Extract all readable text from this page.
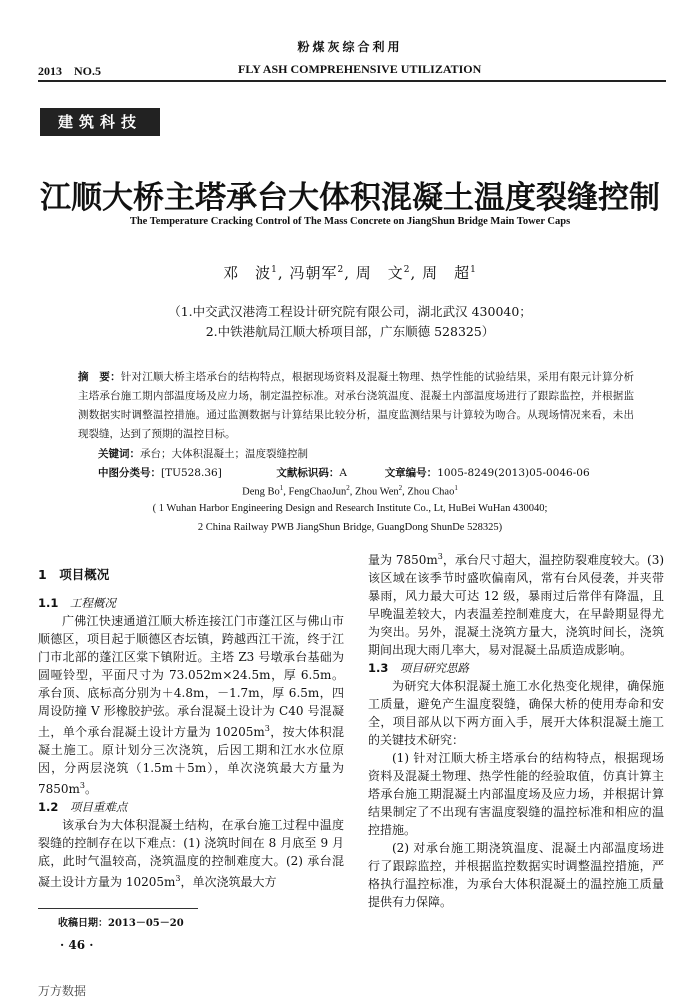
粉煤灰综合利用
2013　NO.5	FLY ASH COMPREHENSIVE UTILIZATION
建筑科技
江顺大桥主塔承台大体积混凝土温度裂缝控制
The Temperature Cracking Control of The Mass Concrete on JiangShun Bridge Main Tower Caps
邓　波$^1$, 冯朝军$^2$, 周　文$^2$, 周　超$^1$
（1.中交武汉港湾工程设计研究院有限公司，湖北武汉 430040；
2.中铁港航局江顺大桥项目部，广东顺德 528325）
摘　要：针对江顺大桥主塔承台的结构特点，根据现场资料及混凝土物理、热学性能的试验结果，采用有限元计算分析主塔承台施工期内部温度场及应力场，制定温控标准。对承台浇筑温度、混凝土内部温度场进行了跟踪监控，并根据监测数据实时调整温控措施。通过监测数据与计算结果比较分析，温度监测结果与计算较为吻合。从现场情况来看，未出现裂缝，达到了预期的温控目标。
关键词：承台；大体积混凝土；温度裂缝控制
中图分类号：[TU528.36]	文献标识码：A	文章编号：1005-8249(2013)05-0046-06
Deng Bo$^1$, FengChaoJun$^2$, Zhou Wen$^2$, Zhou Chao$^1$
( 1 Wuhan Harbor Engineering Design and Research Institute Co., Lt, HuBei WuHan 430040;
2 China Railway PWB JiangShun Bridge, GuangDong ShunDe 528325)

1　项目概况

1.1　 工程概况

广佛江快速通道江顺大桥连接江门市蓬江区与佛山市顺德区，项目起于顺德区杏坛镇，跨越西江干流，终于江门市北部的蓬江区棠下镇附近。主塔 Z3 号墩承台基础为圆哑铃型，平面尺寸为 73.052m×24.5m，厚 6.5m。承台顶、底标高分别为＋4.8m，－1.7m，厚 6.5m，四周设防撞 V 形橡胶护弦。承台混凝土设计为 C40 号混凝土，单个承台混凝土设计方量为 $10205m^3$，按大体积混凝土施工。原计划分三次浇筑，后因工期和江水水位原因，分两层浇筑（1.5m＋5m），单次浇筑最大方量为 $7850m^3$。

1.2　 项目重难点

该承台为大体积混凝土结构，在承台施工过程中温度裂缝的控制存在以下难点：(1) 浇筑时间在 8 月底至 9 月底，此时气温较高，浇筑温度的控制难度大。(2) 承台混凝土设计方量为 $10205m^3$，单次浇筑最大方

量为 $7850m^3$，承台尺寸超大，温控防裂难度较大。(3) 该区域在该季节时盛吹偏南风，常有台风侵袭，并夹带暴雨，风力最大可达 12 级，暴雨过后常伴有降温，且早晚温差较大，内表温差控制难度大，在早龄期显得尤为突出。另外，混凝土浇筑方量大，浇筑时间长，浇筑期间出现大雨几率大，易对混凝土品质造成影响。

1.3　 项目研究思路

为研究大体积混凝土施工水化热变化规律，确保施工质量，避免产生温度裂缝，确保大桥的使用寿命和安全，项目部从以下两方面入手，展开大体积混凝土施工的关键技术研究：

(1) 针对江顺大桥主塔承台的结构特点，根据现场资料及混凝土物理、热学性能的经验取值，仿真计算主塔承台施工期混凝土内部温度场及应力场，并根据计算结果制定了不出现有害温度裂缝的温控标准和相应的温控措施。

(2) 对承台施工期浇筑温度、混凝土内部温度场进行了跟踪监控，并根据监控数据实时调整温控措施，严格执行温控标准，为承台大体积混凝土的温控施工质量提供有力保障。

收稿日期：2013－05－20
· 46 ·
万方数据
